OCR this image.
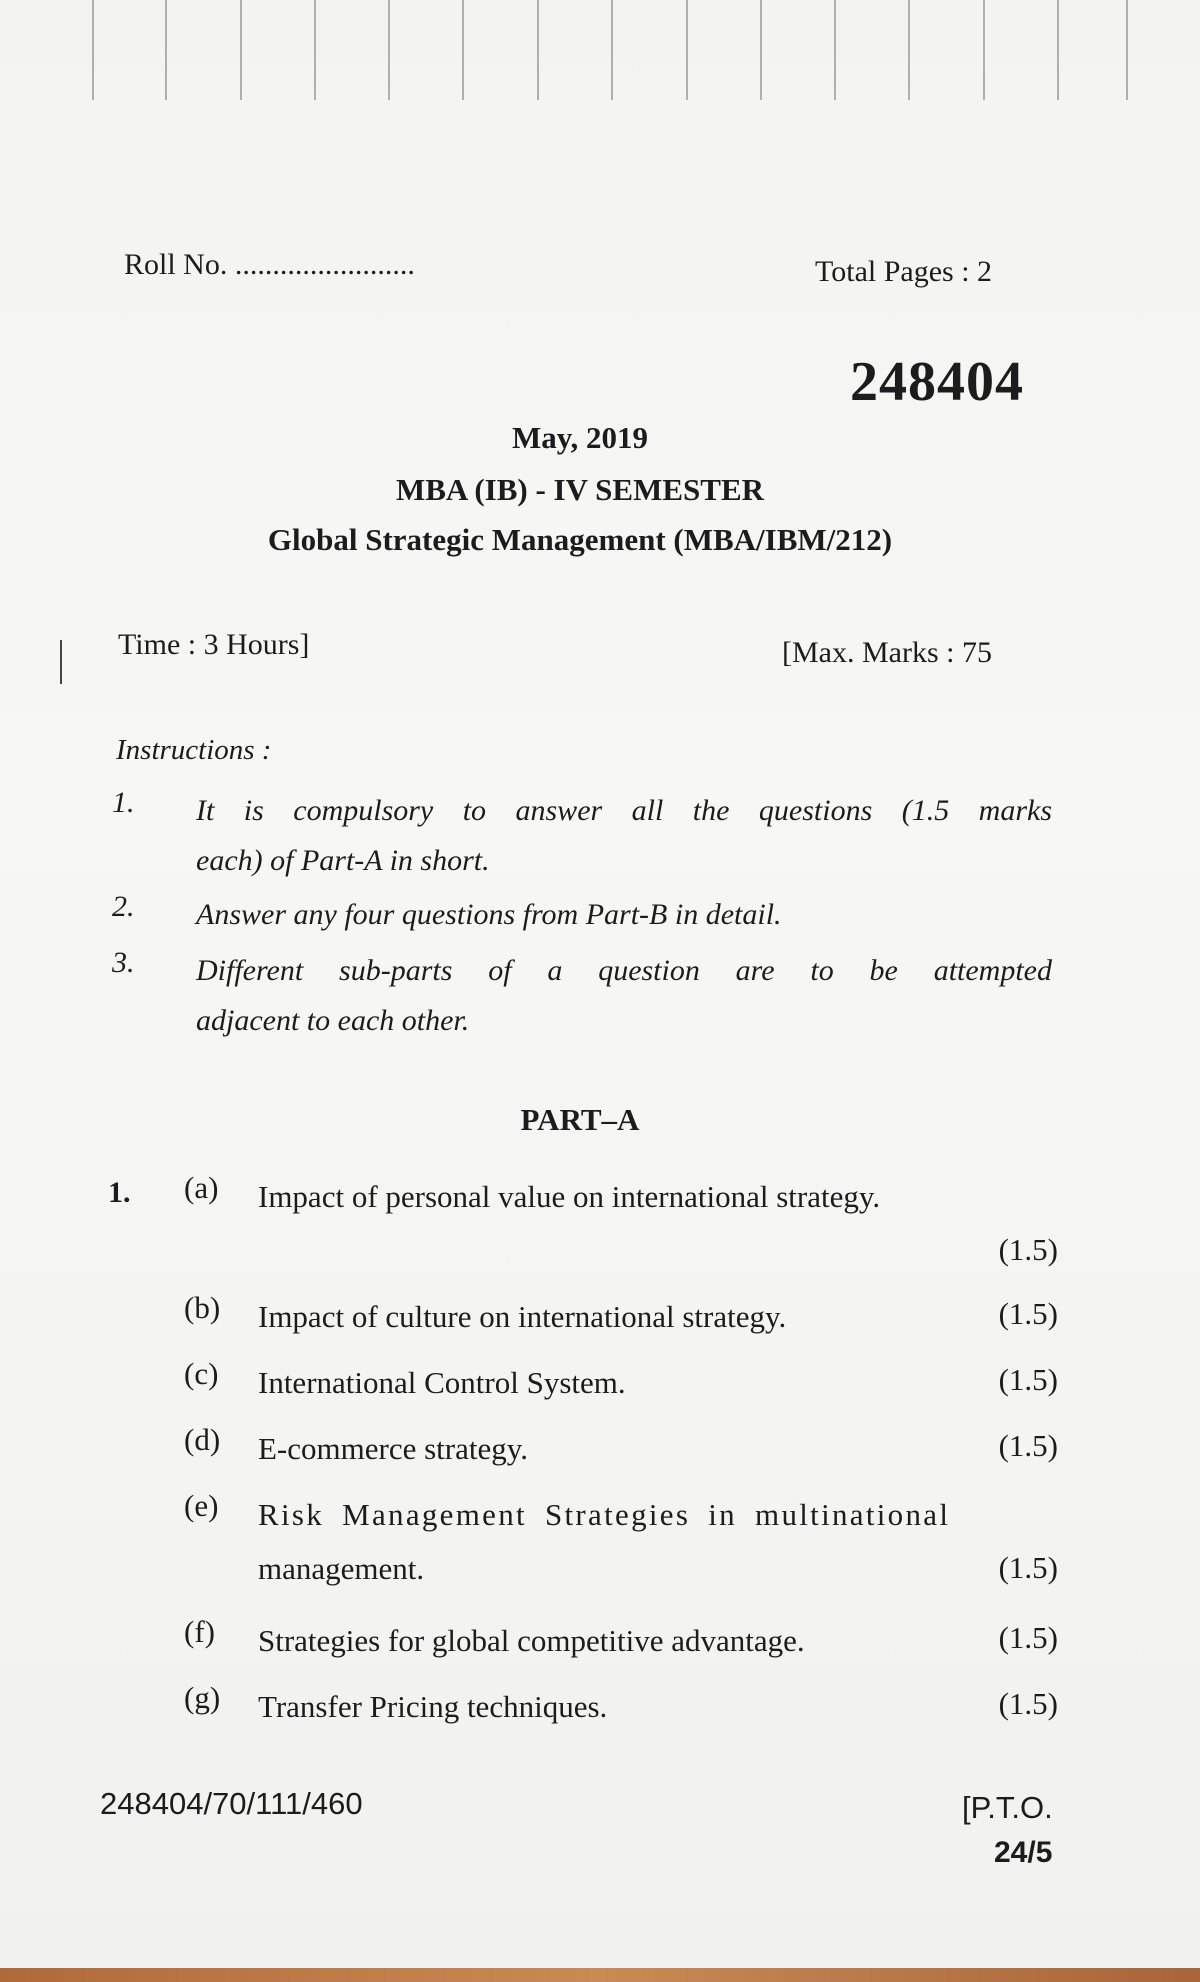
Roll No. ........................	Total Pages : 2
248404
May, 2019
MBA (IB) - IV SEMESTER
Global Strategic Management (MBA/IBM/212)
Time : 3 Hours]	[Max. Marks : 75
Instructions :
1. It is compulsory to answer all the questions (1.5 marks
each) of Part-A in short.
2. Answer any four questions from Part-B in detail.
3. Different sub-parts of a question are to be attempted
adjacent to each other.
PART–A
1. (a) Impact of personal value on international strategy.
(1.5)
(b) Impact of culture on international strategy.	(1.5)
(c) International Control System.	(1.5)
(d) E-commerce strategy.	(1.5)
(e) Risk Management Strategies in multinational
management.	(1.5)
(f) Strategies for global competitive advantage.	(1.5)
(g) Transfer Pricing techniques.	(1.5)
248404/70/111/460	[P.T.O.
24/5
